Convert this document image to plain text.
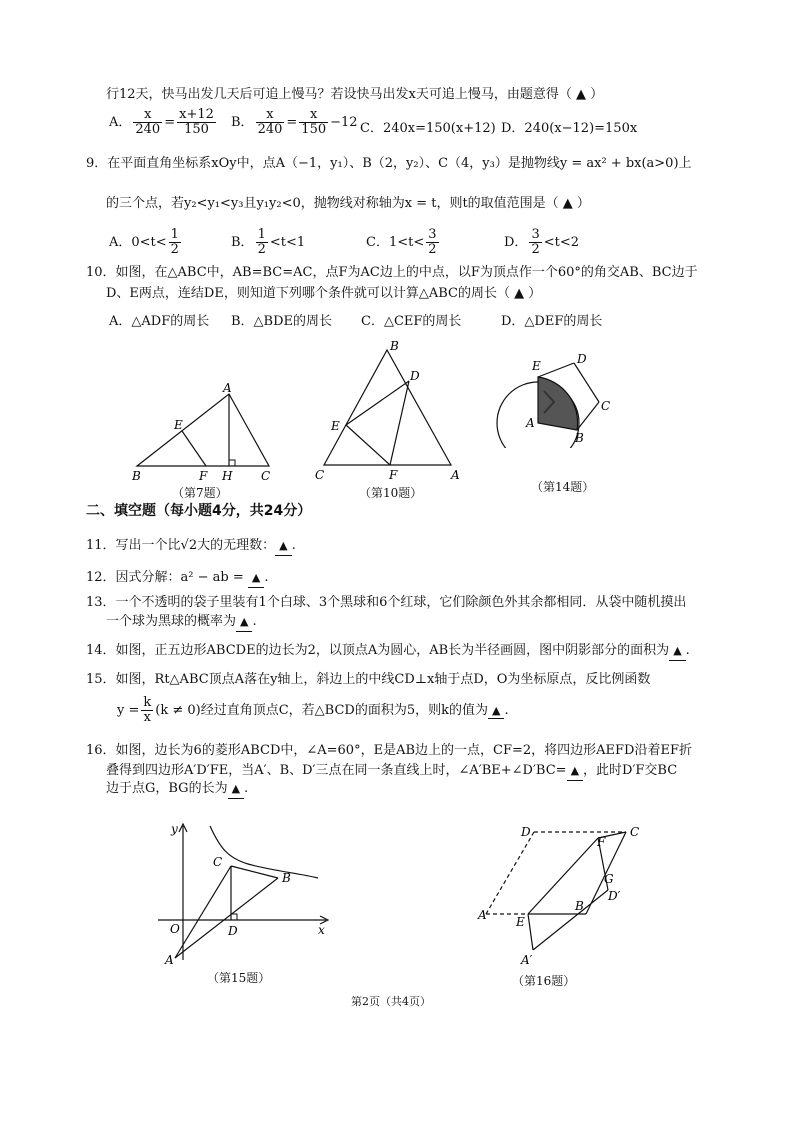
行12天，快马出发几天后可追上慢马？若设快马出发x天可追上慢马，由题意得（ ▲ ）
A． $\frac{x}{240} = \frac{x+12}{150}$ B． $\frac{x}{240} = \frac{x}{150} -12$ C．240x=150(x+12) D．240(x−12)=150x
9．在平面直角坐标系xOy中，点A（−1，y₁）、B（2，y₂）、C（4，y₃）是抛物线y = ax² + bx(a>0)上
的三个点，若y₂<y₁<y₃且y₁y₂<0，抛物线对称轴为x = t，则t的取值范围是（ ▲ ）
A．$0<t< \frac{1}{2}$	B． $\frac{1}{2} <t<1$	C．$1<t< \frac{3}{2}$	D． $\frac{3}{2} <t<2$
10．如图，在△ABC中，AB=BC=AC，点F为AC边上的中点，以F为顶点作一个60°的角交AB、BC边于
D、E两点，连结DE，则知道下列哪个条件就可以计算△ABC的周长（ ▲ ）
A．△ADF的周长 B．△BDE的周长 C．△CEF的周长	D．△DEF的周长
A
E
B	F H C
（第7题）
B
D
E
C	F	A
（第10题）
E	D
C
A
B
（第14题）
二、填空题（每小题4分，共24分）
11．写出一个比√2大的无理数： ▲ .
12．因式分解：a² − ab = ▲ .
13．一个不透明的袋子里装有1个白球、3个黑球和6个红球，它们除颜色外其余都相同．从袋中随机摸出
一个球为黑球的概率为 ▲ .
14．如图，正五边形ABCDE的边长为2，以顶点A为圆心，AB长为半径画圆，图中阴影部分的面积为 ▲ .
15．如图，Rt△ABC顶点A落在y轴上，斜边上的中线CD⊥x轴于点D，O为坐标原点，反比例函数
$y = \frac{k}{x} (k \ne 0)$经过直角顶点C，若△BCD的面积为5，则k的值为 ▲ .
16．如图，边长为6的菱形ABCD中，∠A=60°，E是AB边上的一点，CF=2，将四边形AEFD沿着EF折
叠得到四边形A′D′FE，当A′、B、D′三点在同一条直线上时，∠A′BE+∠D′BC= ▲ ，此时D′F交BC
边于点G，BG的长为 ▲ .
y
C
B
O	D	x
A
（第15题）
D	C
F
G
D′
A
B
E
A′
（第16题）
第2页（共4页）
